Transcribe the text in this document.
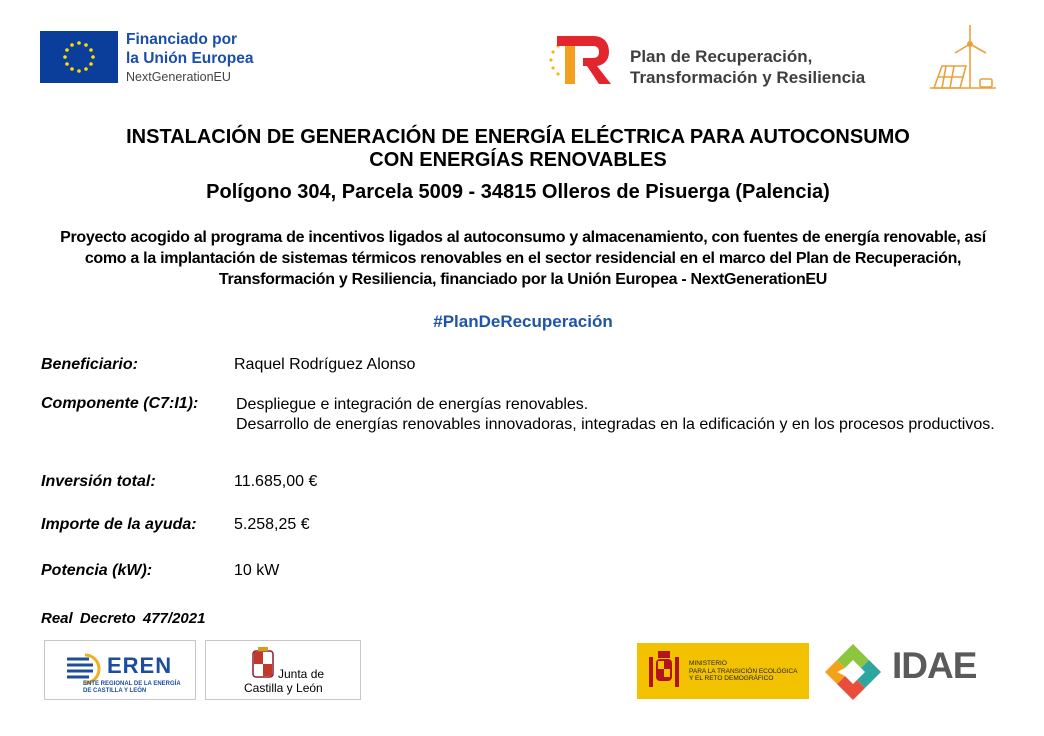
Financiado por
la Unión Europea
NextGenerationEU
Plan de Recuperación,
Transformación y Resiliencia
INSTALACIÓN DE GENERACIÓN DE ENERGÍA ELÉCTRICA PARA AUTOCONSUMO
CON ENERGÍAS RENOVABLES
Polígono 304, Parcela 5009 - 34815 Olleros de Pisuerga (Palencia)
Proyecto acogido al programa de incentivos ligados al autoconsumo y almacenamiento, con fuentes de energía renovable, así como a la implantación de sistemas térmicos renovables en el sector residencial en el marco del Plan de Recuperación, Transformación y Resiliencia, financiado por la Unión Europea - NextGenerationEU
#PlanDeRecuperación
Beneficiario:	Raquel Rodríguez Alonso
Componente (C7:I1): Despliegue e integración de energías renovables.
Desarrollo de energías renovables innovadoras, integradas en la edificación y en los procesos productivos.
Inversión total:	11.685,00 €
Importe de la ayuda: 5.258,25 €
Potencia (kW):	10 kW
Real Decreto 477/2021
EREN
ENTE REGIONAL DE LA ENERGÍA
DE CASTILLA Y LEÓN
Junta de
Castilla y León
MINISTERIO
PARA LA TRANSICIÓN ECOLÓGICA
Y EL RETO DEMOGRÁFICO	IDAE
